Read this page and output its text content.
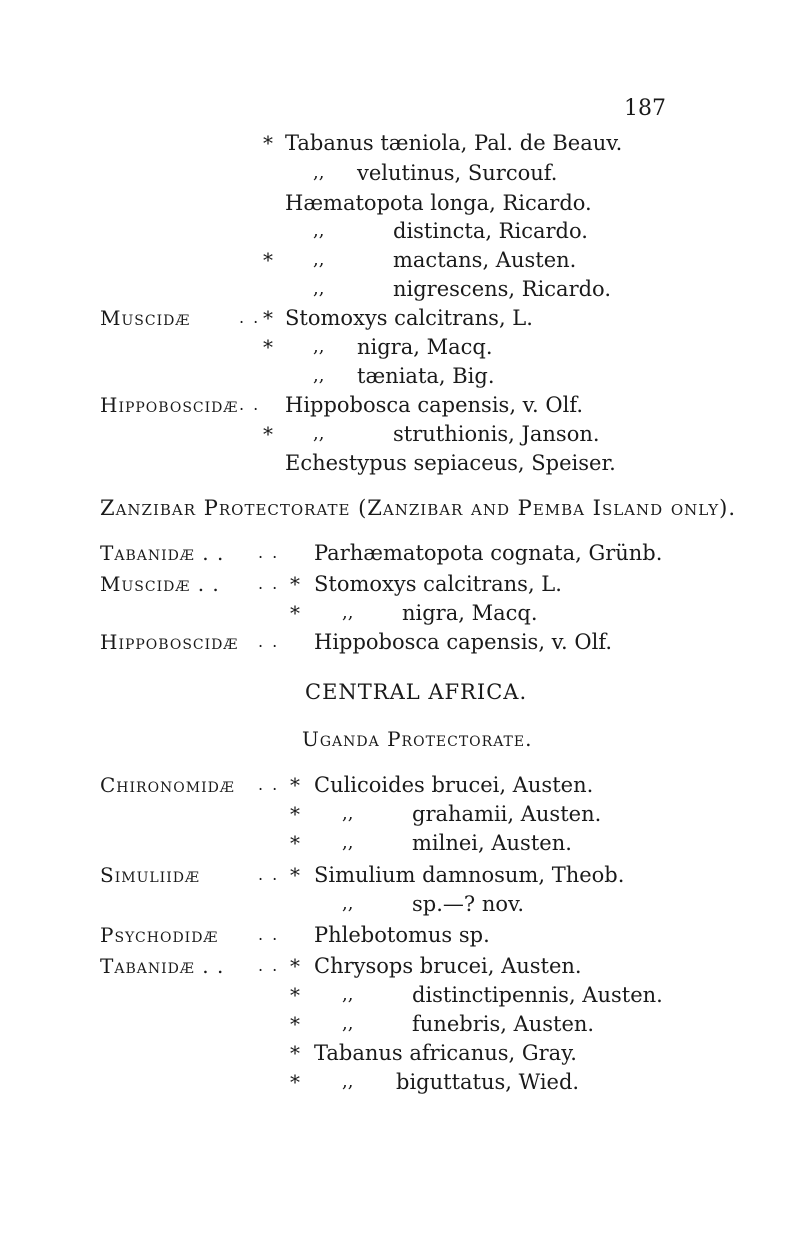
187
* Tabanus tæniola, Pal. de Beauv.
,, velutinus, Surcouf.
Hæmatopota longa, Ricardo.
,,	distincta, Ricardo.
* ,,	mactans, Austen.
,,	nigrescens, Ricardo.
Muscidæ	. . * Stomoxys calcitrans, L.
* ,, nigra, Macq.
,, tæniata, Big.
Hippoboscidæ . . Hippobosca capensis, v. Olf.
* ,,	struthionis, Janson.
Echestypus sepiaceus, Speiser.
Zanzibar Protectorate (Zanzibar and Pemba Island only).
Tabanidæ . . . . Parhæmatopota cognata, Grünb.
Muscidæ . . . . * Stomoxys calcitrans, L.
* ,, nigra, Macq.
Hippoboscidæ . . Hippobosca capensis, v. Olf.
CENTRAL AFRICA.
Uganda Protectorate.
Chironomidæ . . * Culicoides brucei, Austen.
* ,,	grahamii, Austen.
* ,,	milnei, Austen.
Simuliidæ	. . * Simulium damnosum, Theob.
,,	sp.—? nov.
Psychodidæ . . Phlebotomus sp.
Tabanidæ . . . . * Chrysops brucei, Austen.
* ,,	distinctipennis, Austen.
* ,,	funebris, Austen.
* Tabanus africanus, Gray.
* ,, biguttatus, Wied.
